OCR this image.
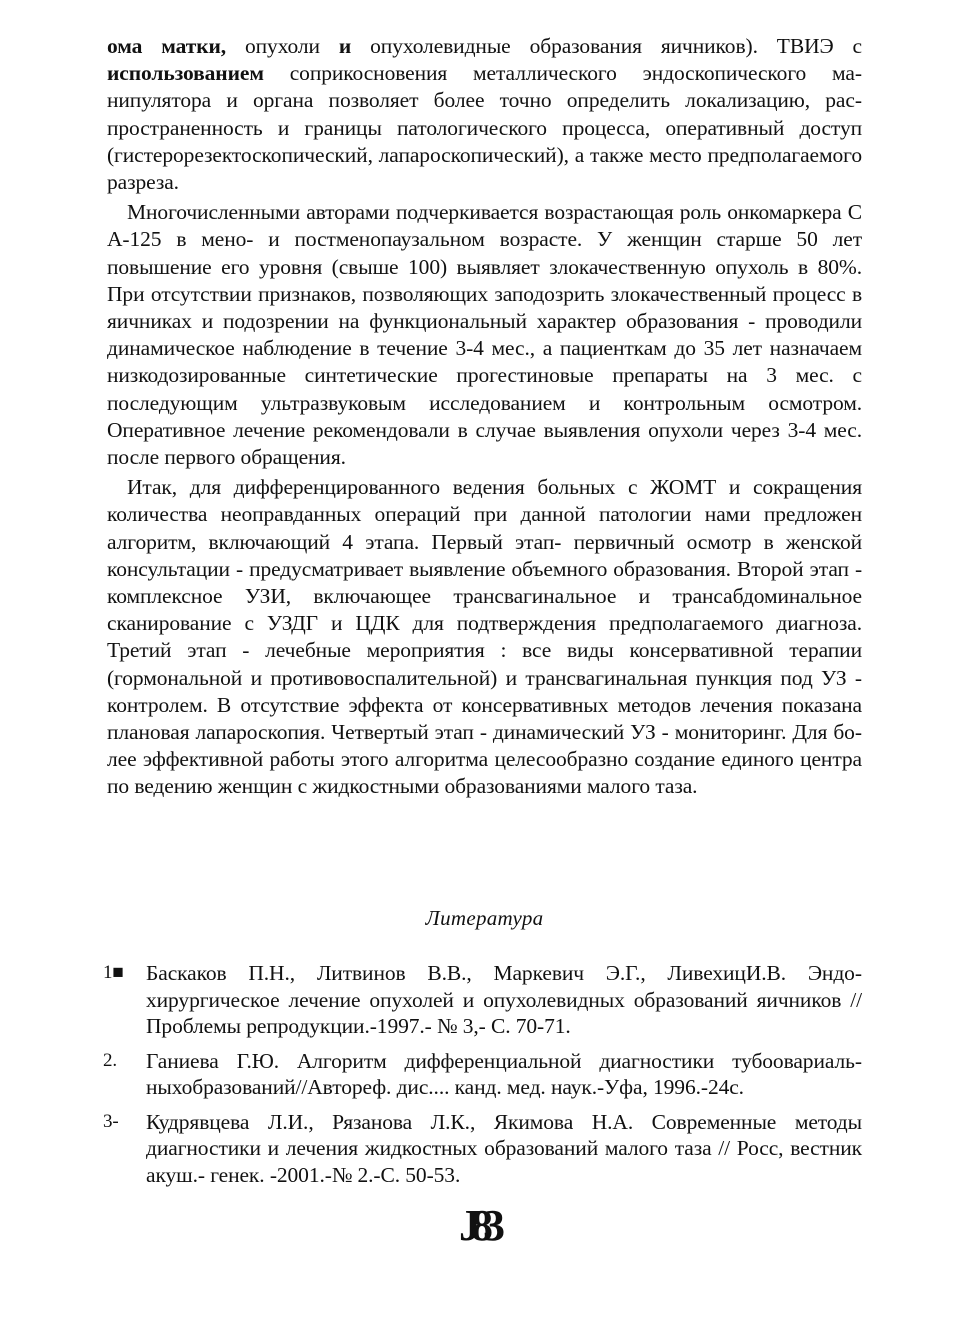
ома матки, опухоли и опухолевидные образования яичников). ТВИЭ с использованием соприкосновения металлического эндоскопического манипулятора и органа позволяет более точно определить локализацию, распространенность и границы патологического процесса, оперативный доступ (гистерорезектоскопический, лапароскопический), а также место предполагаемого разреза.

Многочисленными авторами подчеркивается возрастающая роль онкомаркера С А-125 в мено- и постменопаузальном возрасте. У женщин старше 50 лет повышение его уровня (свыше 100) выявляет злокачественную опухоль в 80%. При отсутствии признаков, позволяющих заподозрить злокачественный процесс в яичниках и подозрении на функциональный характер образования - проводили динамическое наблюдение в течение 3-4 мес., а пациенткам до 35 лет назначаем низкодозированные синтетические прогестиновые препараты на 3 мес. с последующим ультразвуковым исследованием и контрольным осмотром. Оперативное лечение рекомендовали в случае выявления опухоли через 3-4 мес. после первого обращения.

Итак, для дифференцированного ведения больных с ЖОМТ и сокращения количества неоправданных операций при данной патологии нами предложен алгоритм, включающий 4 этапа. Первый этап- первичный осмотр в женской консультации - предусматривает выявление объемного образования. Второй этап - комплексное УЗИ, включающее трансвагинальное и трансабдоминальное сканирование с УЗДГ и ЦДК для подтверждения предполагаемого диагноза. Третий этап - лечебные мероприятия : все виды консервативной терапии (гормональной и противовоспалительной) и трансвагинальная пункция под УЗ - контролем. В отсутствие эффекта от консервативных методов лечения показана плановая лапароскопия. Четвертый этап - динамический УЗ - мониторинг. Для более эффективной работы этого алгоритма целесообразно создание единого центра по ведению женщин с жидкостными образованиями малого таза.

Литература
1■ Баскаков П.Н., Литвинов В.В., Маркевич Э.Г., ЛивехицИ.В. Эндохирургическое лечение опухолей и опухолевидных образований яичников // Проблемы репродукции.-1997.- № 3,- С. 70-71.
2. Ганиева Г.Ю. Алгоритм дифференциальной диагностики тубоовариальныхобразований//Автореф. дис.... канд. мед. наук.-Уфа, 1996.-24с.
3- Кудрявцева Л.И., Рязанова Л.К., Якимова Н.А. Современные методы диагностики и лечения жидкостных образований малого таза // Росс, вестник акуш.- генек. -2001.-№ 2.-С. 50-53.
J83
